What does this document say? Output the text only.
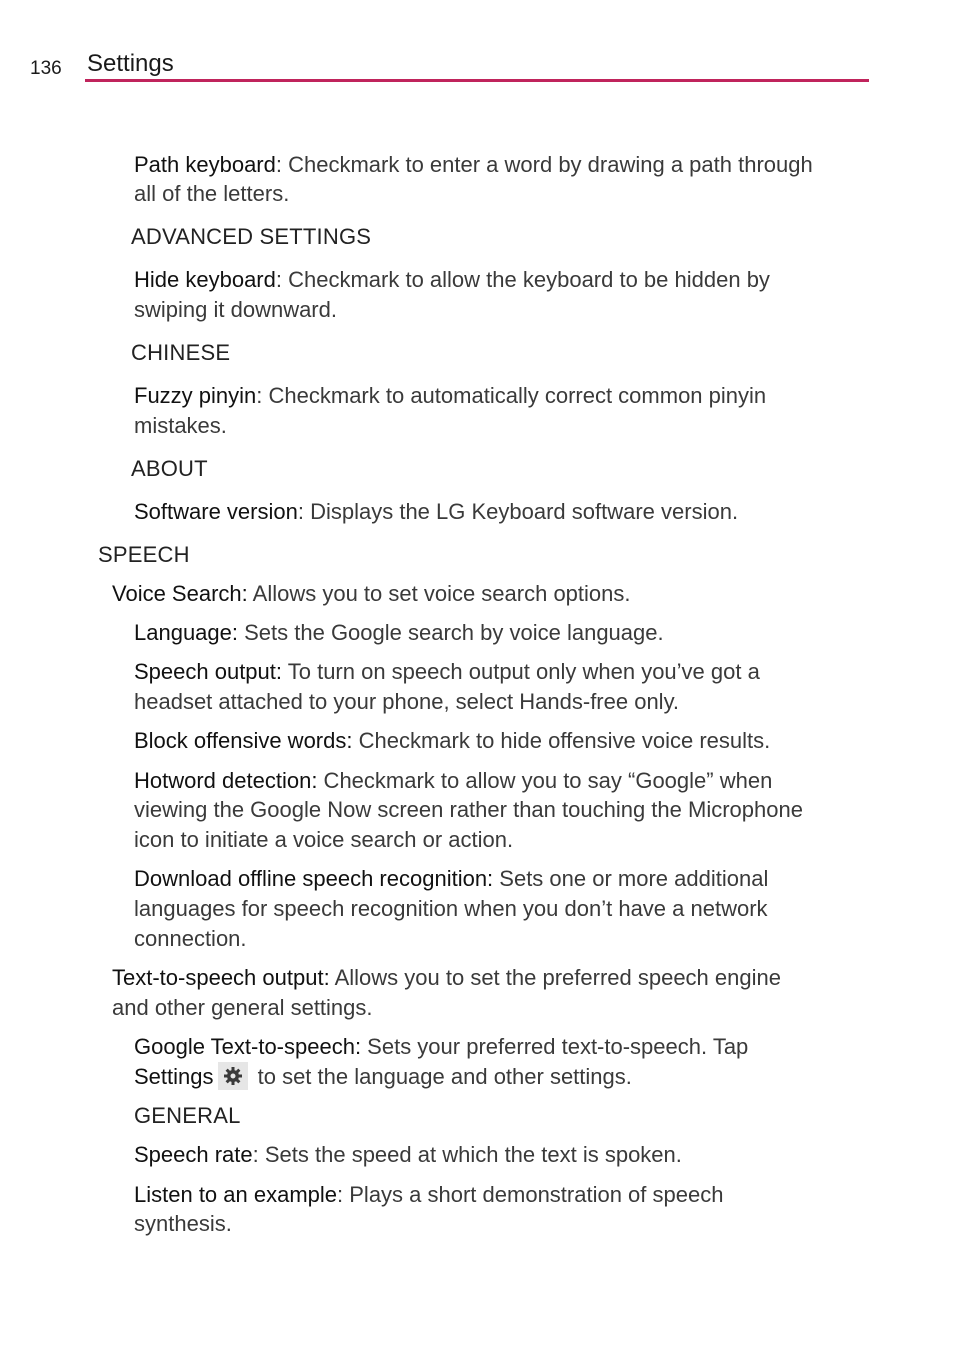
136 Settings
Path keyboard: Checkmark to enter a word by drawing a path through
all of the letters.
ADVANCED SETTINGS
Hide keyboard: Checkmark to allow the keyboard to be hidden by
swiping it downward.
CHINESE
Fuzzy pinyin: Checkmark to automatically correct common pinyin
mistakes.
ABOUT
Software version: Displays the LG Keyboard software version.
SPEECH
Voice Search: Allows you to set voice search options.
Language: Sets the Google search by voice language.
Speech output: To turn on speech output only when you’ve got a
headset attached to your phone, select Hands-free only.
Block offensive words: Checkmark to hide offensive voice results.
Hotword detection: Checkmark to allow you to say “Google” when
viewing the Google Now screen rather than touching the Microphone
icon to initiate a voice search or action.
Download offline speech recognition: Sets one or more additional
languages for speech recognition when you don’t have a network
connection.
Text-to-speech output: Allows you to set the preferred speech engine
and other general settings.
Google Text-to-speech: Sets your preferred text-to-speech. Tap
Settings
to set the language and other settings.
GENERAL
Speech rate: Sets the speed at which the text is spoken.
Listen to an example: Plays a short demonstration of speech
synthesis.
